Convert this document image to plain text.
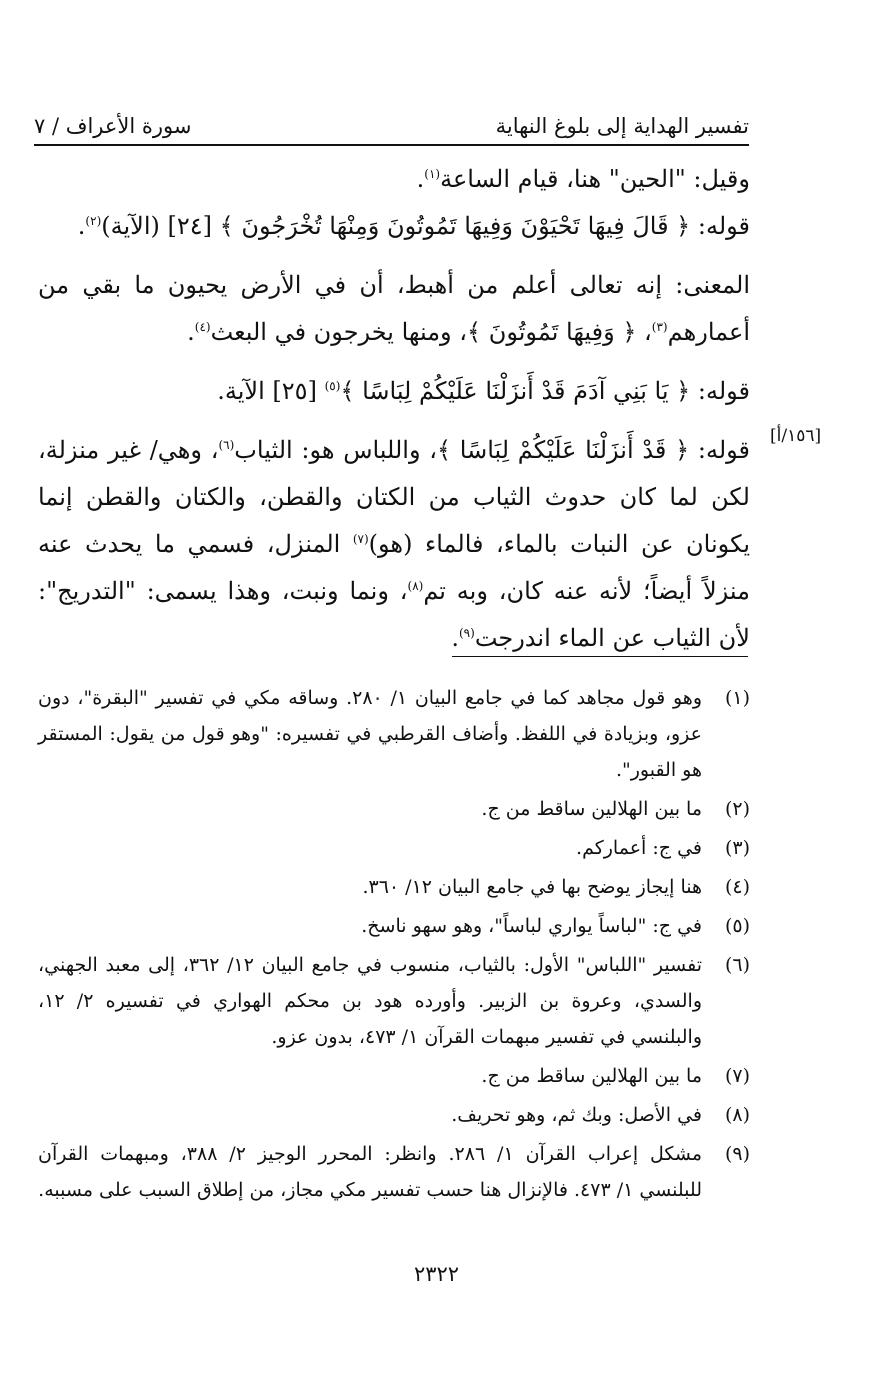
تفسير الهداية إلى بلوغ النهاية
سورة الأعراف / ٧
[١٥٦/أ]

وقيل: "الحين" هنا، قيام الساعة$^{(١)}$.

قوله: ﴿ قَالَ فِيهَا تَحْيَوْنَ وَفِيهَا تَمُوتُونَ وَمِنْهَا تُخْرَجُونَ ﴾ [٢٤] (الآية)$^{(٢)}$.

المعنى: إنه تعالى أعلم من أهبط، أن في الأرض يحيون ما بقي من أعمارهم$^{(٣)}$، ﴿ وَفِيهَا تَمُوتُونَ ﴾، ومنها يخرجون في البعث$^{(٤)}$.

قوله: ﴿ يَا بَنِي آدَمَ قَدْ أَنزَلْنَا عَلَيْكُمْ لِبَاسًا ﴾$^{(٥)}$ [٢٥] الآية.

قوله: ﴿ قَدْ أَنزَلْنَا عَلَيْكُمْ لِبَاسًا ﴾، واللباس هو: الثياب$^{(٦)}$، وهي/ غير منزلة، لكن لما كان حدوث الثياب من الكتان والقطن، والكتان والقطن إنما يكونان عن النبات بالماء، فالماء (هو)$^{(٧)}$ المنزل، فسمي ما يحدث عنه منزلاً أيضاً؛ لأنه عنه كان، وبه تم$^{(٨)}$، ونما ونبت، وهذا يسمى: "التدريج": لأن الثياب عن الماء اندرجت$^{(٩)}$.

(١)
وهو قول مجاهد كما في جامع البيان ١/ ٢٨٠. وساقه مكي في تفسير "البقرة"، دون عزو، وبزيادة في اللفظ. وأضاف القرطبي في تفسيره: "وهو قول من يقول: المستقر هو القبور".
(٢)
ما بين الهلالين ساقط من ج.
(٣)
في ج: أعماركم.
(٤)
هنا إيجاز يوضح بها في جامع البيان ١٢/ ٣٦٠.
(٥)
في ج: "لباساً يواري لباساً"، وهو سهو ناسخ.
(٦)
تفسير "اللباس" الأول: بالثياب، منسوب في جامع البيان ١٢/ ٣٦٢، إلى معبد الجهني، والسدي، وعروة بن الزبير. وأورده هود بن محكم الهواري في تفسيره ٢/ ١٢، والبلنسي في تفسير مبهمات القرآن ١/ ٤٧٣، بدون عزو.
(٧)
ما بين الهلالين ساقط من ج.
(٨)
في الأصل: وبك ثم، وهو تحريف.
(٩)
مشكل إعراب القرآن ١/ ٢٨٦. وانظر: المحرر الوجيز ٢/ ٣٨٨، ومبهمات القرآن للبلنسي ١/ ٤٧٣. فالإنزال هنا حسب تفسير مكي مجاز، من إطلاق السبب على مسببه.
٢٣٢٢
